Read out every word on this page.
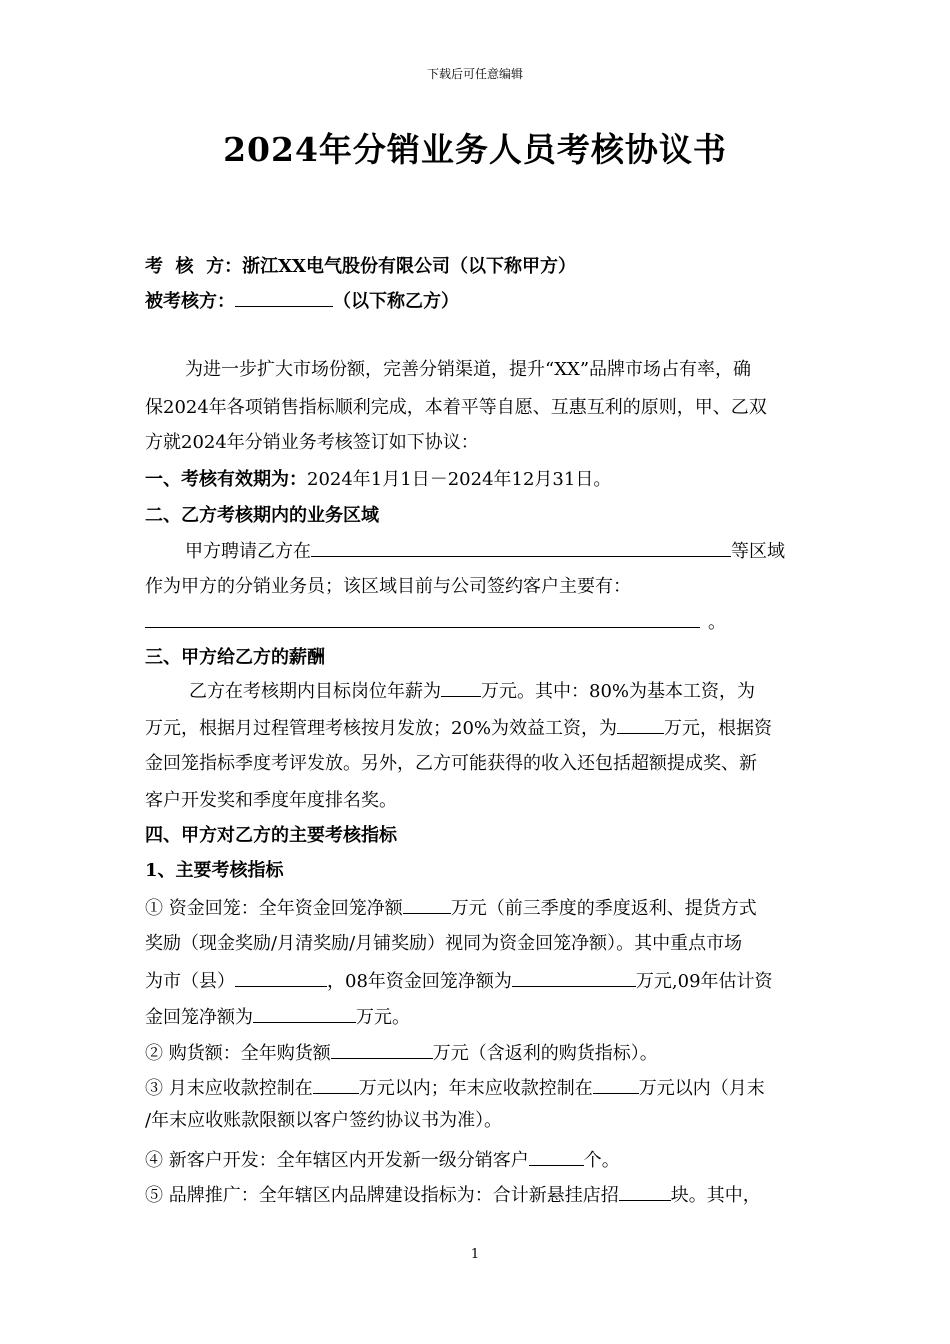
下载后可任意编辑
2024年分销业务人员考核协议书
考  核  方：浙江XX电气股份有限公司（以下称甲方）
被考核方：	（以下称乙方）
为进一步扩大市场份额，完善分销渠道，提升“XX”品牌市场占有率，确
保2024年各项销售指标顺利完成，本着平等自愿、互惠互利的原则，甲、乙双
方就2024年分销业务考核签订如下协议：
一、考核有效期为：2024年1月1日－2024年12月31日。
二、乙方考核期内的业务区域
甲方聘请乙方在	等区域
作为甲方的分销业务员；该区域目前与公司签约客户主要有：
。
三、甲方给乙方的薪酬
乙方在考核期内目标岗位年薪为 万元。其中：80%为基本工资，为
万元，根据月过程管理考核按月发放；20%为效益工资，为	万元，根据资
金回笼指标季度考评发放。另外，乙方可能获得的收入还包括超额提成奖、新
客户开发奖和季度年度排名奖。
四、甲方对乙方的主要考核指标
1、主要考核指标
① 资金回笼：全年资金回笼净额	万元（前三季度的季度返利、提货方式
奖励（现金奖励/月清奖励/月铺奖励）视同为资金回笼净额）。其中重点市场
为市（县）	，08年资金回笼净额为	万元,09年估计资
金回笼净额为	万元。
② 购货额：全年购货额	万元（含返利的购货指标）。
③ 月末应收款控制在	万元以内；年末应收款控制在	万元以内（月末
/年末应收账款限额以客户签约协议书为准）。
④ 新客户开发：全年辖区内开发新一级分销客户	个。
⑤ 品牌推广：全年辖区内品牌建设指标为：合计新悬挂店招	块。其中，
1
